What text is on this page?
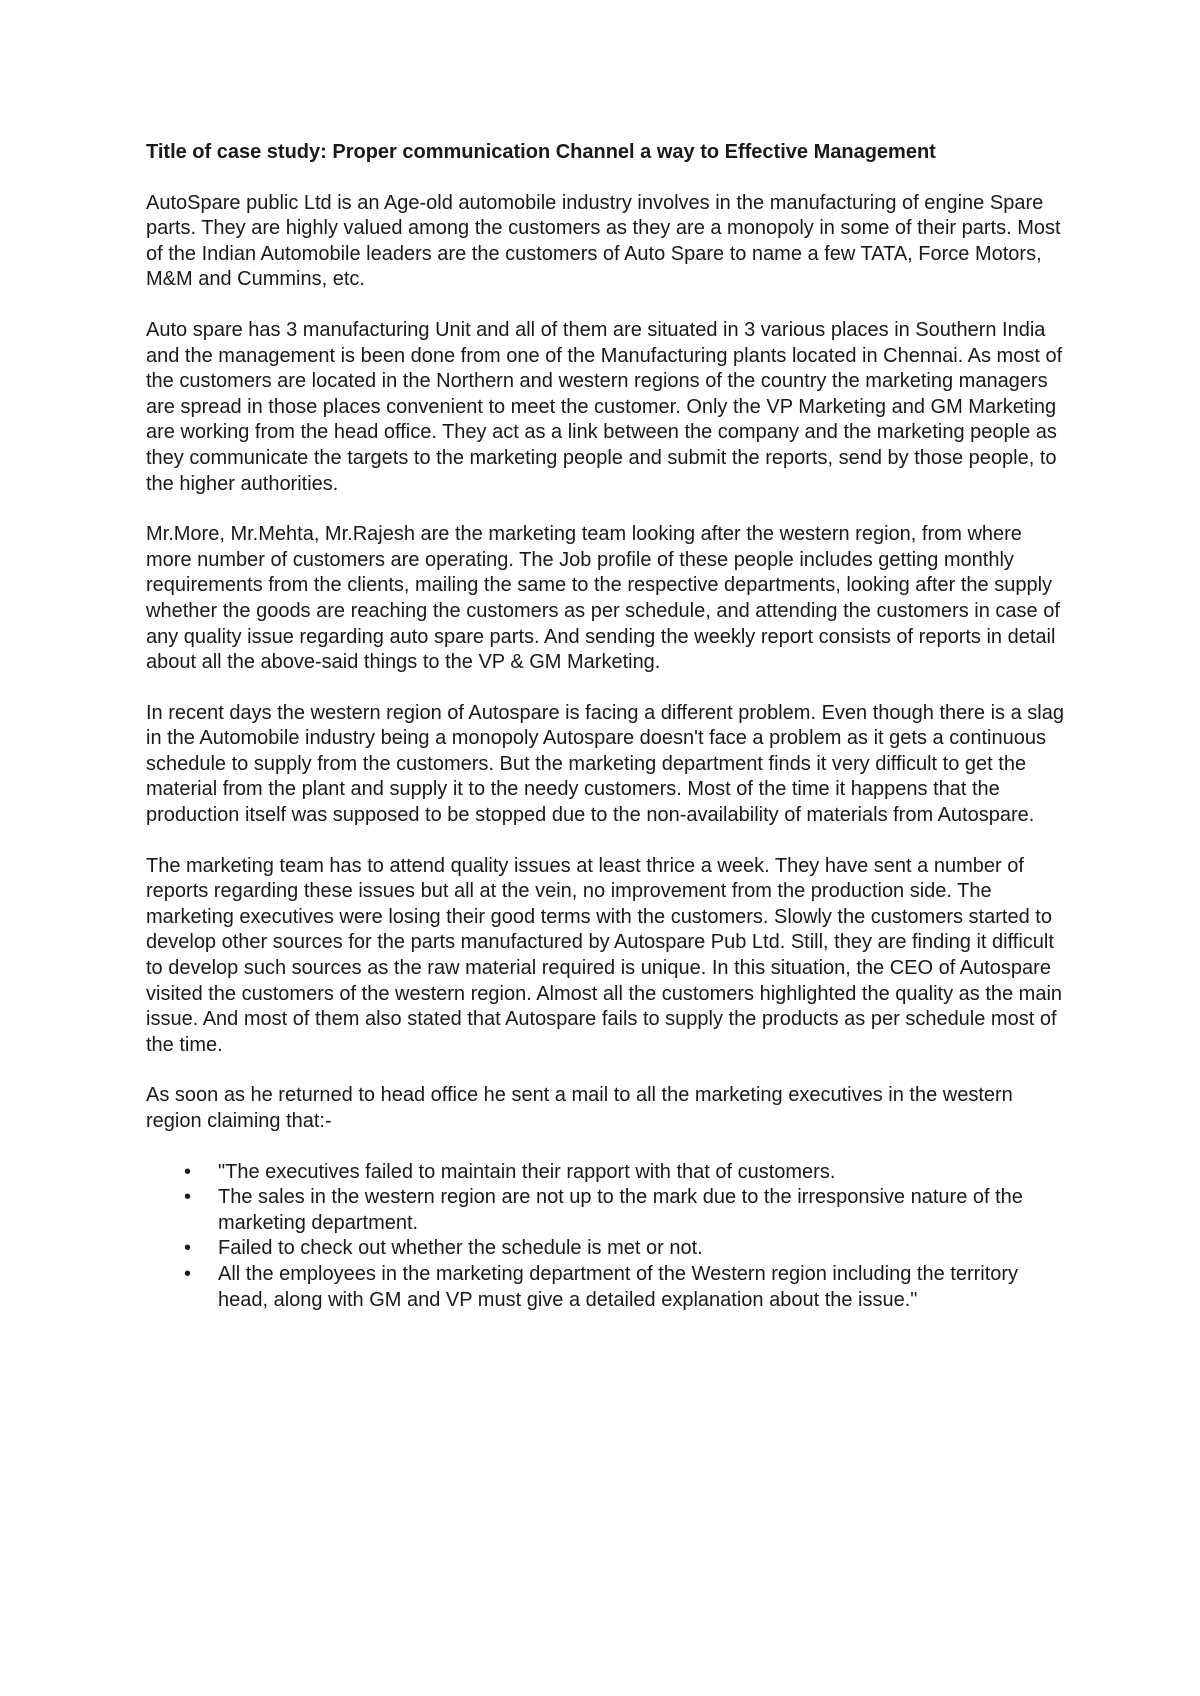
Title of case study: Proper communication Channel a way to Effective Management

AutoSpare public Ltd is an Age-old automobile industry involves in the manufacturing of engine Spare parts. They are highly valued among the customers as they are a monopoly in some of their parts. Most of the Indian Automobile leaders are the customers of Auto Spare to name a few TATA, Force Motors, M&M and Cummins, etc.

Auto spare has 3 manufacturing Unit and all of them are situated in 3 various places in Southern India and the management is been done from one of the Manufacturing plants located in Chennai. As most of the customers are located in the Northern and western regions of the country the marketing managers are spread in those places convenient to meet the customer. Only the VP Marketing and GM Marketing are working from the head office. They act as a link between the company and the marketing people as they communicate the targets to the marketing people and submit the reports, send by those people, to the higher authorities.

Mr.More, Mr.Mehta, Mr.Rajesh are the marketing team looking after the western region, from where more number of customers are operating. The Job profile of these people includes getting monthly requirements from the clients, mailing the same to the respective departments, looking after the supply whether the goods are reaching the customers as per schedule, and attending the customers in case of any quality issue regarding auto spare parts. And sending the weekly report consists of reports in detail about all the above-said things to the VP & GM Marketing.

In recent days the western region of Autospare is facing a different problem. Even though there is a slag in the Automobile industry being a monopoly Autospare doesn't face a problem as it gets a continuous schedule to supply from the customers. But the marketing department finds it very difficult to get the material from the plant and supply it to the needy customers. Most of the time it happens that the production itself was supposed to be stopped due to the non-availability of materials from Autospare.

The marketing team has to attend quality issues at least thrice a week. They have sent a number of reports regarding these issues but all at the vein, no improvement from the production side. The marketing executives were losing their good terms with the customers. Slowly the customers started to develop other sources for the parts manufactured by Autospare Pub Ltd. Still, they are finding it difficult to develop such sources as the raw material required is unique. In this situation, the CEO of Autospare visited the customers of the western region. Almost all the customers highlighted the quality as the main issue. And most of them also stated that Autospare fails to supply the products as per schedule most of the time.

As soon as he returned to head office he sent a mail to all the marketing executives in the western region claiming that:-

• "The executives failed to maintain their rapport with that of customers.
• The sales in the western region are not up to the mark due to the irresponsive nature of the marketing department.
• Failed to check out whether the schedule is met or not.
• All the employees in the marketing department of the Western region including the territory head, along with GM and VP must give a detailed explanation about the issue."
